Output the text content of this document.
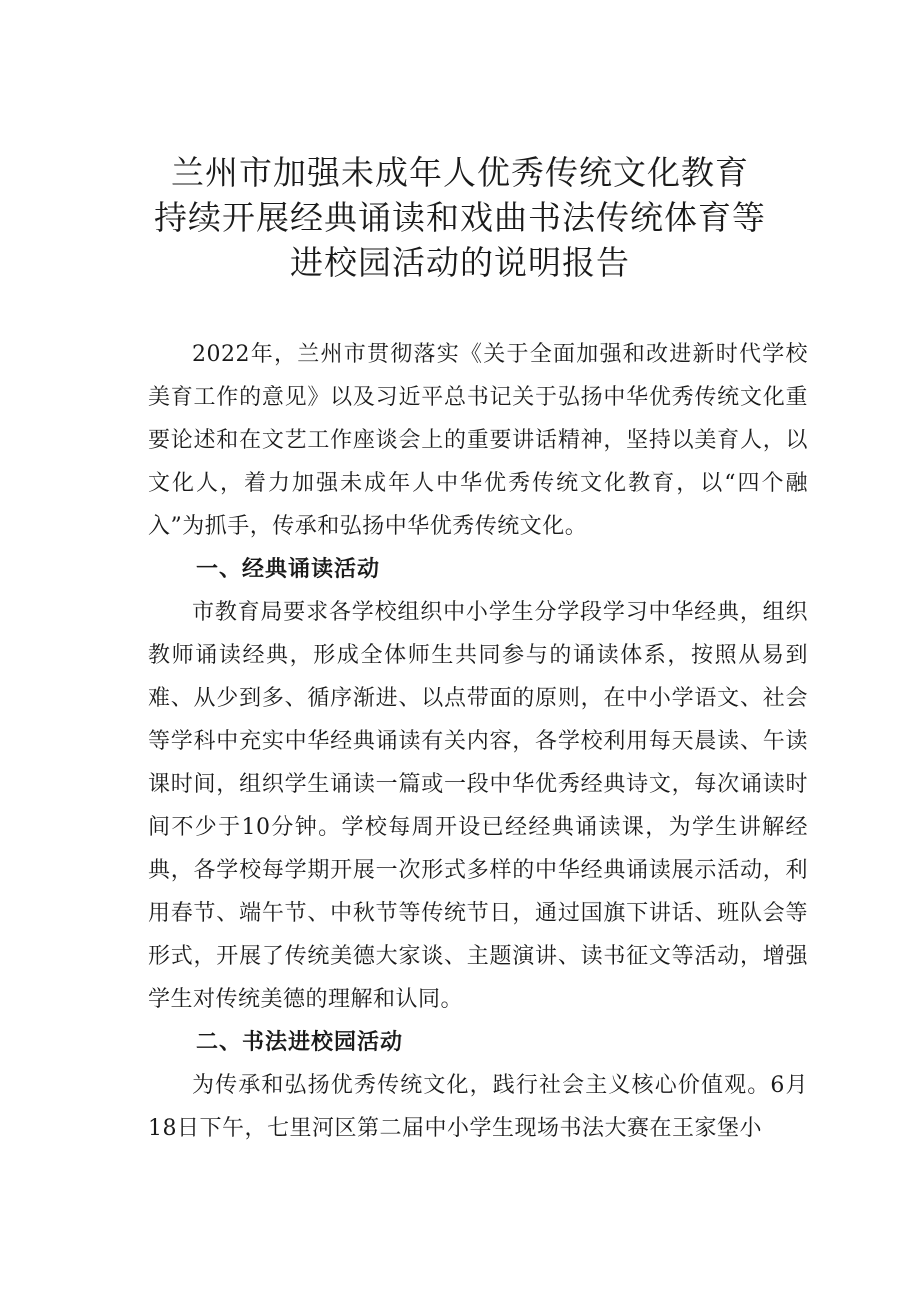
兰州市加强未成年人优秀传统文化教育
持续开展经典诵读和戏曲书法传统体育等
进校园活动的说明报告

2022年，兰州市贯彻落实《关于全面加强和改进新时代学校美育工作的意见》以及习近平总书记关于弘扬中华优秀传统文化重要论述和在文艺工作座谈会上的重要讲话精神，坚持以美育人，以文化人，着力加强未成年人中华优秀传统文化教育，以“四个融入”为抓手，传承和弘扬中华优秀传统文化。

一、经典诵读活动

市教育局要求各学校组织中小学生分学段学习中华经典，组织教师诵读经典，形成全体师生共同参与的诵读体系，按照从易到难、从少到多、循序渐进、以点带面的原则，在中小学语文、社会等学科中充实中华经典诵读有关内容，各学校利用每天晨读、午读课时间，组织学生诵读一篇或一段中华优秀经典诗文，每次诵读时间不少于10分钟。学校每周开设已经经典诵读课，为学生讲解经典，各学校每学期开展一次形式多样的中华经典诵读展示活动，利用春节、端午节、中秋节等传统节日，通过国旗下讲话、班队会等形式，开展了传统美德大家谈、主题演讲、读书征文等活动，增强学生对传统美德的理解和认同。

二、书法进校园活动

为传承和弘扬优秀传统文化，践行社会主义核心价值观。6月18日下午，七里河区第二届中小学生现场书法大赛在王家堡小
